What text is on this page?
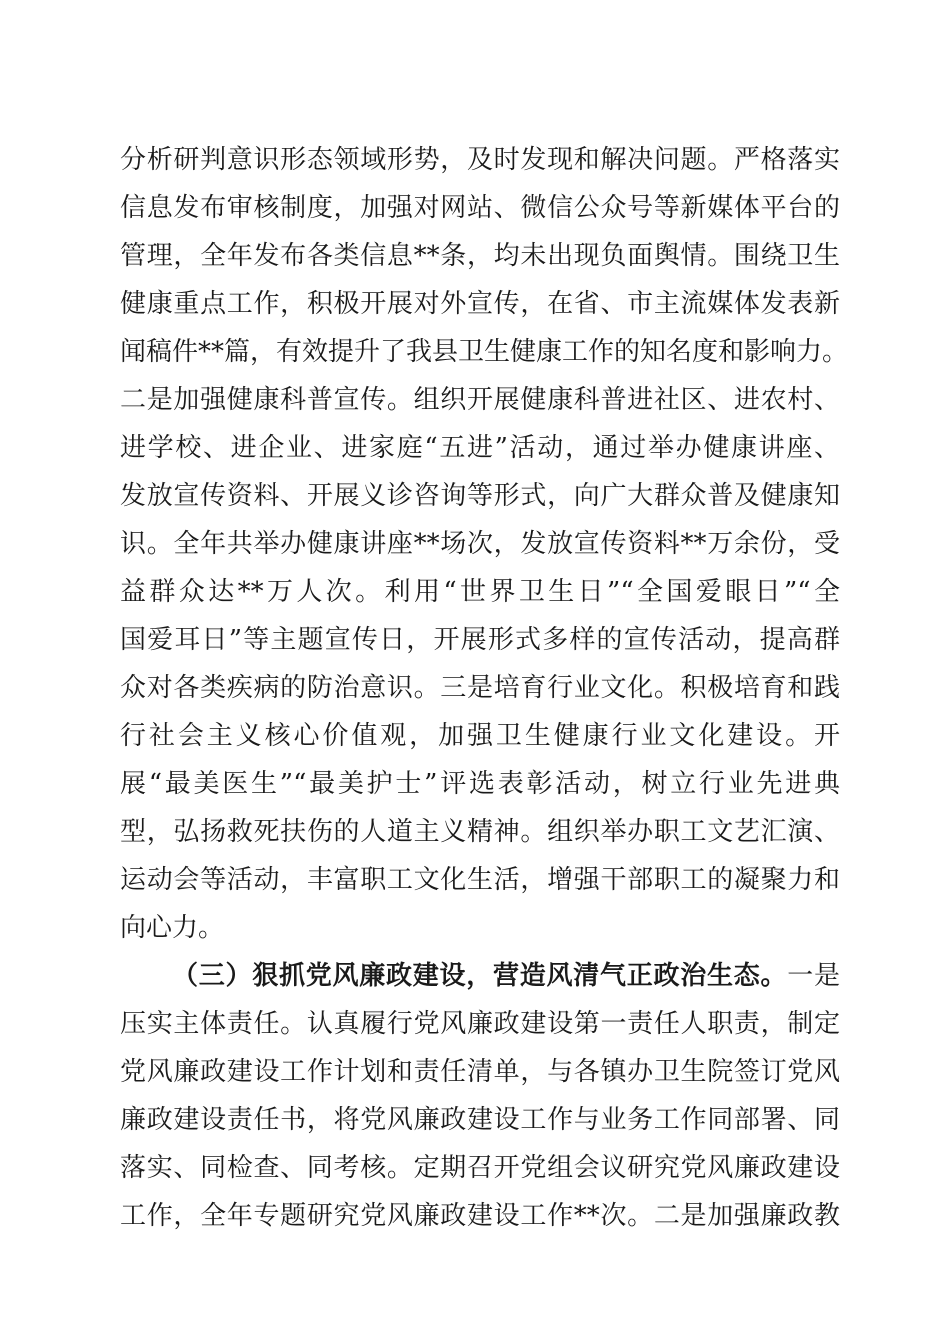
分析研判意识形态领域形势，及时发现和解决问题。严格落实
信息发布审核制度，加强对网站、微信公众号等新媒体平台的
管理，全年发布各类信息**条，均未出现负面舆情。围绕卫生
健康重点工作，积极开展对外宣传，在省、市主流媒体发表新
闻稿件**篇，有效提升了我县卫生健康工作的知名度和影响力。
二是加强健康科普宣传。组织开展健康科普进社区、进农村、
进学校、进企业、进家庭“五进”活动，通过举办健康讲座、
发放宣传资料、开展义诊咨询等形式，向广大群众普及健康知
识。全年共举办健康讲座**场次，发放宣传资料**万余份，受
益群众达**万人次。利用“世界卫生日”“全国爱眼日”“全
国爱耳日”等主题宣传日，开展形式多样的宣传活动，提高群
众对各类疾病的防治意识。三是培育行业文化。积极培育和践
行社会主义核心价值观，加强卫生健康行业文化建设。开
展“最美医生”“最美护士”评选表彰活动，树立行业先进典
型，弘扬救死扶伤的人道主义精神。组织举办职工文艺汇演、
运动会等活动，丰富职工文化生活，增强干部职工的凝聚力和
向心力。
（三）狠抓党风廉政建设，营造风清气正政治生态。一是
压实主体责任。认真履行党风廉政建设第一责任人职责，制定
党风廉政建设工作计划和责任清单，与各镇办卫生院签订党风
廉政建设责任书，将党风廉政建设工作与业务工作同部署、同
落实、同检查、同考核。定期召开党组会议研究党风廉政建设
工作，全年专题研究党风廉政建设工作**次。二是加强廉政教
